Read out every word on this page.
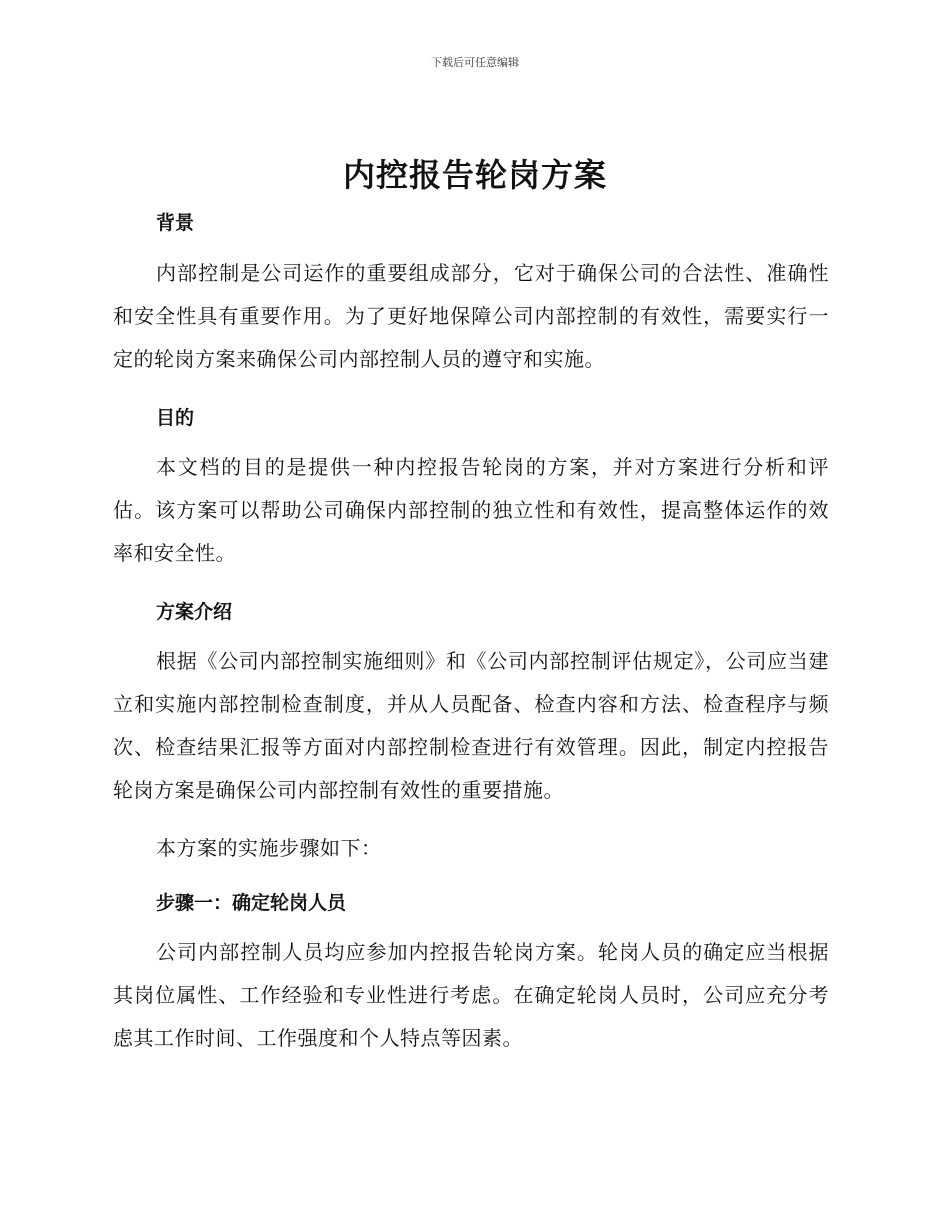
下载后可任意编辑
内控报告轮岗方案
背景
内部控制是公司运作的重要组成部分，它对于确保公司的合法性、准确性和安全性具有重要作用。为了更好地保障公司内部控制的有效性，需要实行一定的轮岗方案来确保公司内部控制人员的遵守和实施。
目的
本文档的目的是提供一种内控报告轮岗的方案，并对方案进行分析和评估。该方案可以帮助公司确保内部控制的独立性和有效性，提高整体运作的效率和安全性。
方案介绍
根据《公司内部控制实施细则》和《公司内部控制评估规定》，公司应当建立和实施内部控制检查制度，并从人员配备、检查内容和方法、检查程序与频次、检查结果汇报等方面对内部控制检查进行有效管理。因此，制定内控报告轮岗方案是确保公司内部控制有效性的重要措施。
本方案的实施步骤如下：
步骤一：确定轮岗人员
公司内部控制人员均应参加内控报告轮岗方案。轮岗人员的确定应当根据其岗位属性、工作经验和专业性进行考虑。在确定轮岗人员时，公司应充分考虑其工作时间、工作强度和个人特点等因素。
